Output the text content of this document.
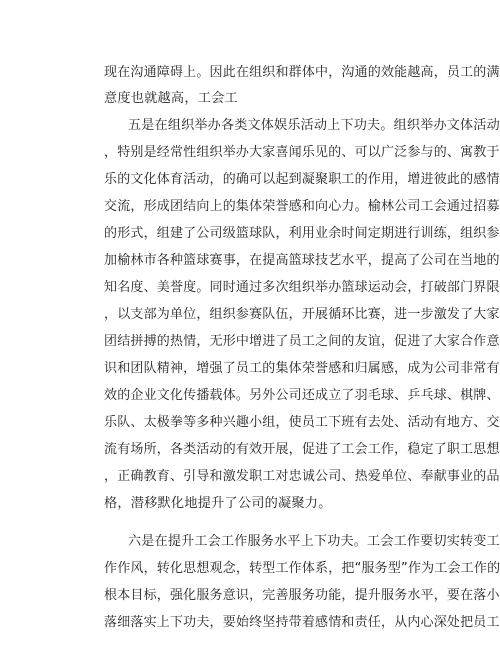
现在沟通障碍上。因此在组织和群体中，沟通的效能越高，员工的满
意度也就越高，工会工
五是在组织举办各类文体娱乐活动上下功夫。组织举办文体活动
，特别是经常性组织举办大家喜闻乐见的、可以广泛参与的、寓教于
乐的文化体育活动，的确可以起到凝聚职工的作用，增进彼此的感情
交流，形成团结向上的集体荣誉感和向心力。榆林公司工会通过招募
的形式，组建了公司级篮球队，利用业余时间定期进行训练，组织参
加榆林市各种篮球赛事，在提高篮球技艺水平，提高了公司在当地的
知名度、美誉度。同时通过多次组织举办篮球运动会，打破部门界限
，以支部为单位，组织参赛队伍，开展循环比赛，进一步激发了大家
团结拼搏的热情，无形中增进了员工之间的友谊，促进了大家合作意
识和团队精神，增强了员工的集体荣誉感和归属感，成为公司非常有
效的企业文化传播载体。另外公司还成立了羽毛球、乒乓球、棋牌、
乐队、太极拳等多种兴趣小组，使员工下班有去处、活动有地方、交
流有场所，各类活动的有效开展，促进了工会工作，稳定了职工思想
，正确教育、引导和激发职工对忠诚公司、热爱单位、奉献事业的品
格，潜移默化地提升了公司的凝聚力。
六是在提升工会工作服务水平上下功夫。工会工作要切实转变工
作作风，转化思想观念，转型工作体系，把“服务型”作为工会工作的
根本目标，强化服务意识，完善服务功能，提升服务水平，要在落小
落细落实上下功夫，要始终坚持带着感情和责任，从内心深处把员工
